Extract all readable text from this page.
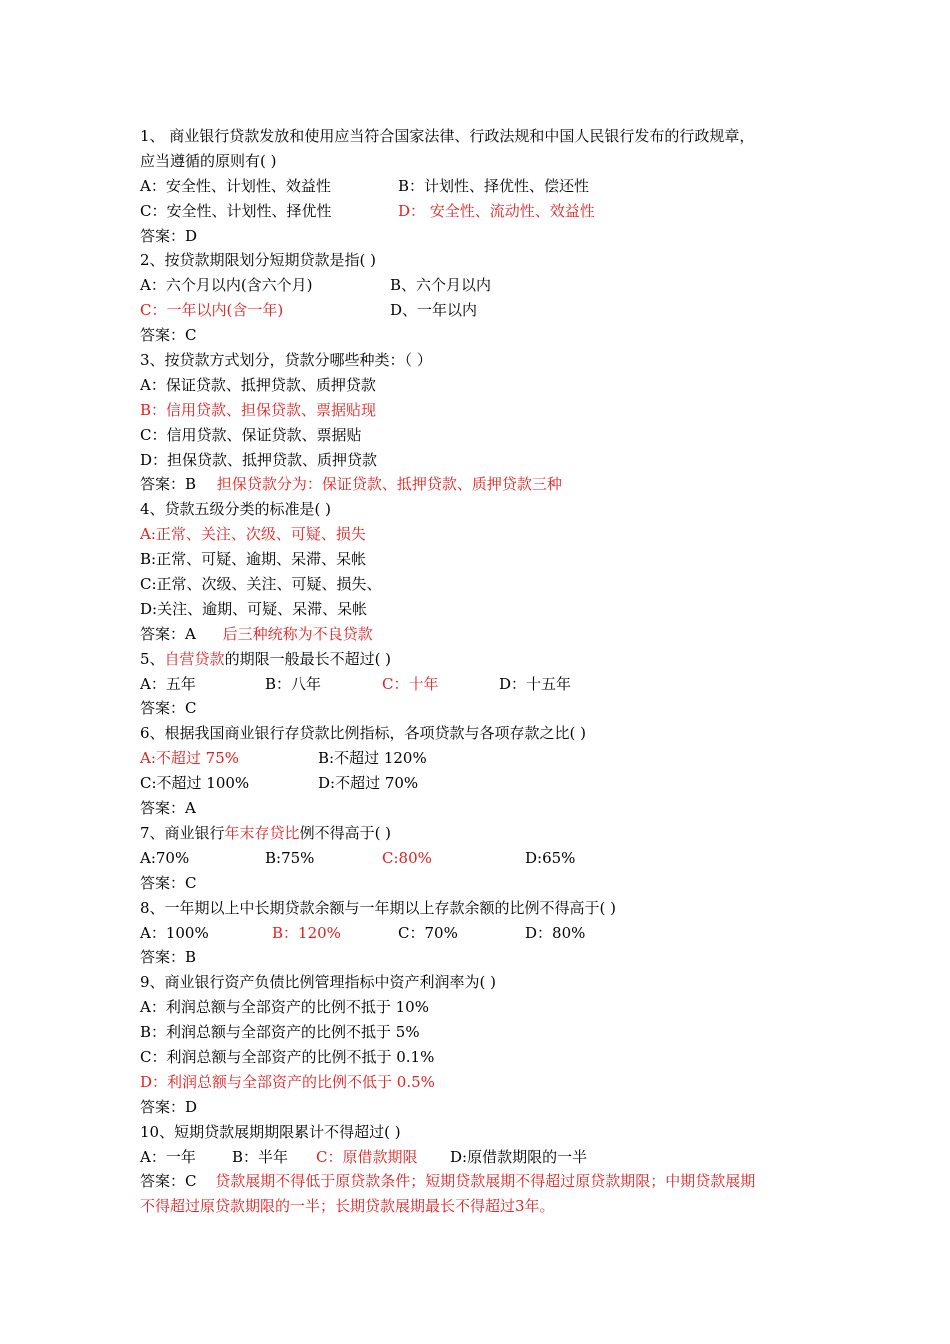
1、 商业银行贷款发放和使用应当符合国家法律、行政法规和中国人民银行发布的行政规章，
应当遵循的原则有( )
A：安全性、计划性、效益性	B：计划性、择优性、偿还性
C：安全性、计划性、择优性	D： 安全性、流动性、效益性
答案：D
2、按贷款期限划分短期贷款是指( )
A：六个月以内(含六个月)	B、六个月以内
C：一年以内(含一年)	D、一年以内
答案：C
3、按贷款方式划分，贷款分哪些种类：（ ）
A：保证贷款、抵押贷款、质押贷款
B：信用贷款、担保贷款、票据贴现
C：信用贷款、保证贷款、票据贴
D：担保贷款、抵押贷款、质押贷款
答案：B 担保贷款分为：保证贷款、抵押贷款、质押贷款三种
4、贷款五级分类的标准是( )
A:正常、关注、次级、可疑、损失
B:正常、可疑、逾期、呆滞、呆帐
C:正常、次级、关注、可疑、损失、
D:关注、逾期、可疑、呆滞、呆帐
答案：A 后三种统称为不良贷款
5、自营贷款的期限一般最长不超过( )
A：五年	B：八年	C：十年	D：十五年
答案：C
6、根据我国商业银行存贷款比例指标，各项贷款与各项存款之比( )
A:不超过 75%	B:不超过 120%
C:不超过 100%	D:不超过 70%
答案：A
7、商业银行年末存贷比例不得高于( )
A:70%	B:75%	C:80%	D:65%
答案：C
8、一年期以上中长期贷款余额与一年期以上存款余额的比例不得高于( )
A：100%	B：120%	C：70%	D：80%
答案：B
9、商业银行资产负债比例管理指标中资产利润率为( )
A：利润总额与全部资产的比例不抵于 10%
B：利润总额与全部资产的比例不抵于 5%
C：利润总额与全部资产的比例不抵于 0.1%
D：利润总额与全部资产的比例不低于 0.5%
答案：D
10、短期贷款展期期限累计不得超过( )
A：一年 B：半年 C：原借款期限 D:原借款期限的一半
答案：C 贷款展期不得低于原贷款条件；短期贷款展期不得超过原贷款期限；中期贷款展期
不得超过原贷款期限的一半；长期贷款展期最长不得超过3年。
